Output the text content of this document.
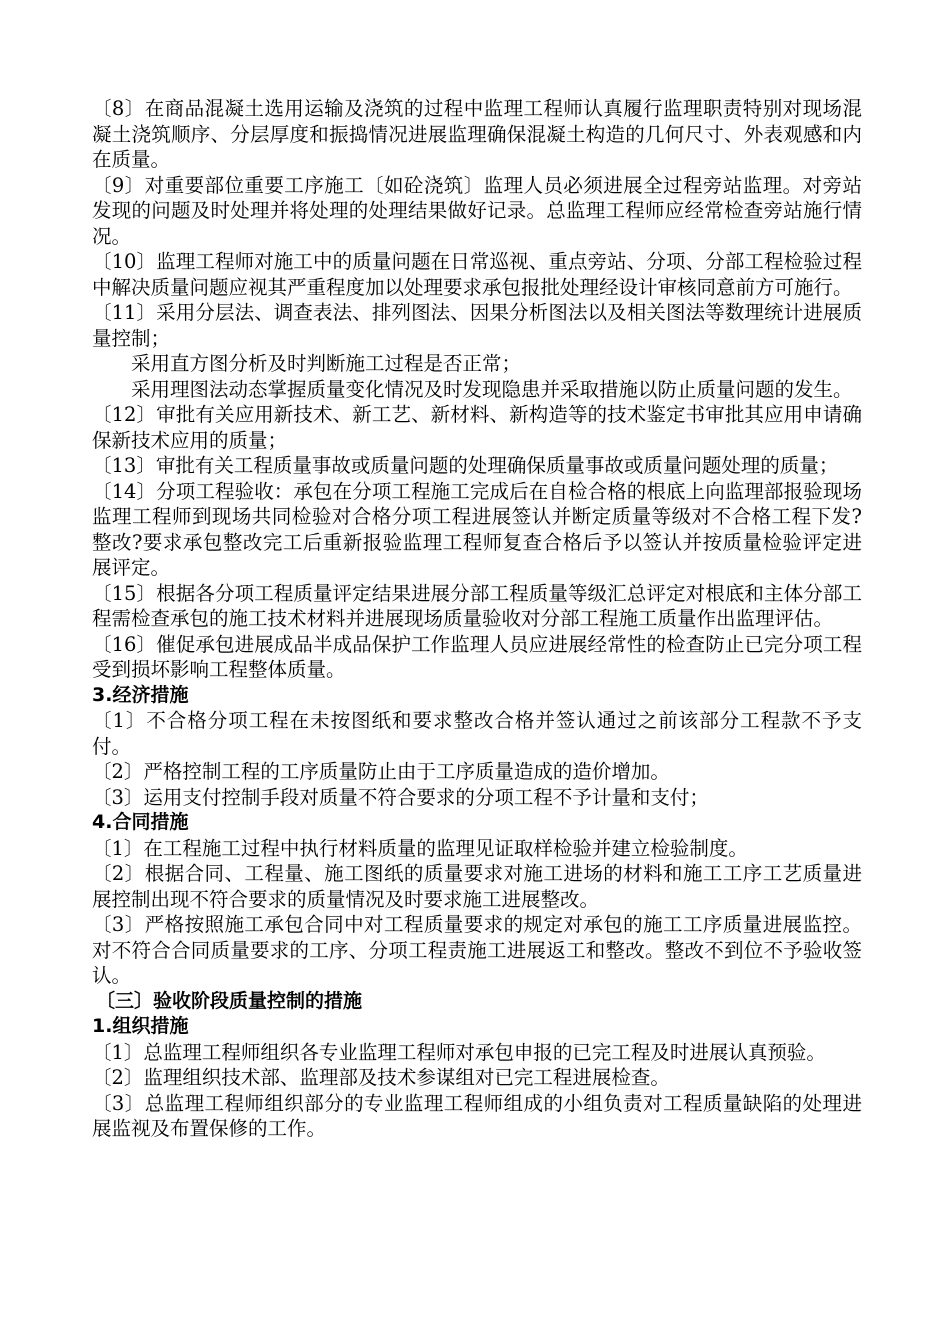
〔8〕在商品混凝土选用运输及浇筑的过程中监理工程师认真履行监理职责特别对现场混凝土浇筑顺序、分层厚度和振捣情况进展监理确保混凝土构造的几何尺寸、外表观感和内在质量。

〔9〕对重要部位重要工序施工〔如砼浇筑〕监理人员必须进展全过程旁站监理。对旁站发现的问题及时处理并将处理的处理结果做好记录。总监理工程师应经常检查旁站施行情况。

〔10〕监理工程师对施工中的质量问题在日常巡视、重点旁站、分项、分部工程检验过程中解决质量问题应视其严重程度加以处理要求承包报批处理经设计审核同意前方可施行。

〔11〕采用分层法、调查表法、排列图法、因果分析图法以及相关图法等数理统计进展质量控制；

采用直方图分析及时判断施工过程是否正常；

采用理图法动态掌握质量变化情况及时发现隐患并采取措施以防止质量问题的发生。

〔12〕审批有关应用新技术、新工艺、新材料、新构造等的技术鉴定书审批其应用申请确保新技术应用的质量；

〔13〕审批有关工程质量事故或质量问题的处理确保质量事故或质量问题处理的质量；

〔14〕分项工程验收：承包在分项工程施工完成后在自检合格的根底上向监理部报验现场监理工程师到现场共同检验对合格分项工程进展签认并断定质量等级对不合格工程下发?整改?要求承包整改完工后重新报验监理工程师复查合格后予以签认并按质量检验评定进展评定。

〔15〕根据各分项工程质量评定结果进展分部工程质量等级汇总评定对根底和主体分部工程需检查承包的施工技术材料并进展现场质量验收对分部工程施工质量作出监理评估。

〔16〕催促承包进展成品半成品保护工作监理人员应进展经常性的检查防止已完分项工程受到损坏影响工程整体质量。

3.经济措施

〔1〕不合格分项工程在未按图纸和要求整改合格并签认通过之前该部分工程款不予支付。

〔2〕严格控制工程的工序质量防止由于工序质量造成的造价增加。

〔3〕运用支付控制手段对质量不符合要求的分项工程不予计量和支付；

4.合同措施

〔1〕在工程施工过程中执行材料质量的监理见证取样检验并建立检验制度。

〔2〕根据合同、工程量、施工图纸的质量要求对施工进场的材料和施工工序工艺质量进展控制出现不符合要求的质量情况及时要求施工进展整改。

〔3〕严格按照施工承包合同中对工程质量要求的规定对承包的施工工序质量进展监控。对不符合合同质量要求的工序、分项工程责施工进展返工和整改。整改不到位不予验收签认。

〔三〕验收阶段质量控制的措施

1.组织措施

〔1〕总监理工程师组织各专业监理工程师对承包申报的已完工程及时进展认真预验。

〔2〕监理组织技术部、监理部及技术参谋组对已完工程进展检查。

〔3〕总监理工程师组织部分的专业监理工程师组成的小组负责对工程质量缺陷的处理进展监视及布置保修的工作。
